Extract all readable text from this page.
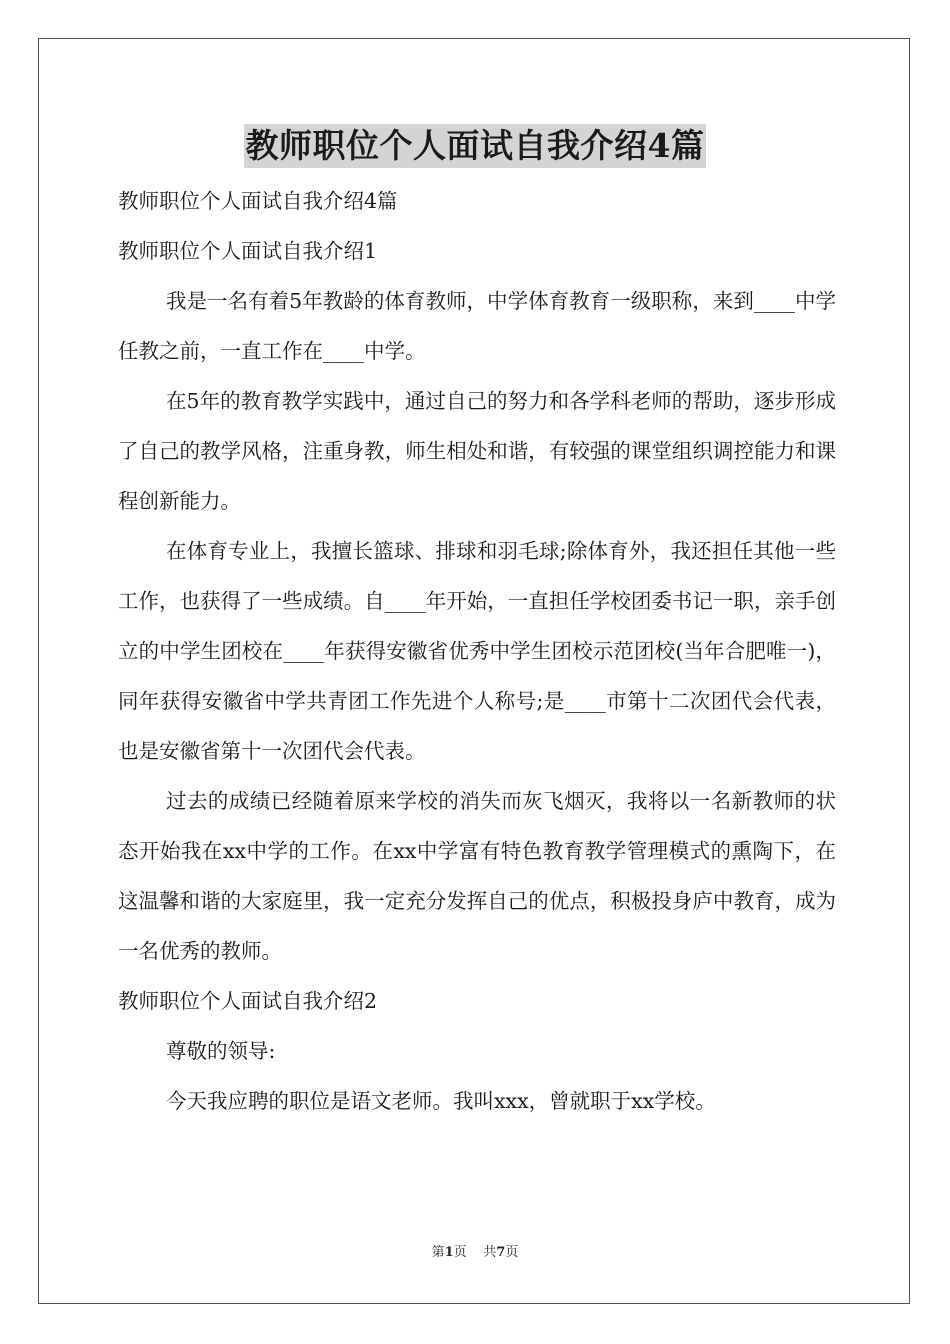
教师职位个人面试自我介绍4篇

教师职位个人面试自我介绍4篇

教师职位个人面试自我介绍1

我是一名有着5年教龄的体育教师，中学体育教育一级职称，来到____中学任教之前，一直工作在____中学。

在5年的教育教学实践中，通过自己的努力和各学科老师的帮助，逐步形成了自己的教学风格，注重身教，师生相处和谐，有较强的课堂组织调控能力和课程创新能力。

在体育专业上，我擅长篮球、排球和羽毛球;除体育外，我还担任其他一些工作，也获得了一些成绩。自____年开始，一直担任学校团委书记一职，亲手创立的中学生团校在____年获得安徽省优秀中学生团校示范团校(当年合肥唯一)，同年获得安徽省中学共青团工作先进个人称号;是____市第十二次团代会代表，也是安徽省第十一次团代会代表。

过去的成绩已经随着原来学校的消失而灰飞烟灭，我将以一名新教师的状态开始我在xx中学的工作。在xx中学富有特色教育教学管理模式的熏陶下，在这温馨和谐的大家庭里，我一定充分发挥自己的优点，积极投身庐中教育，成为一名优秀的教师。

教师职位个人面试自我介绍2

尊敬的领导:

今天我应聘的职位是语文老师。我叫xxx，曾就职于xx学校。

第1页 共7页
